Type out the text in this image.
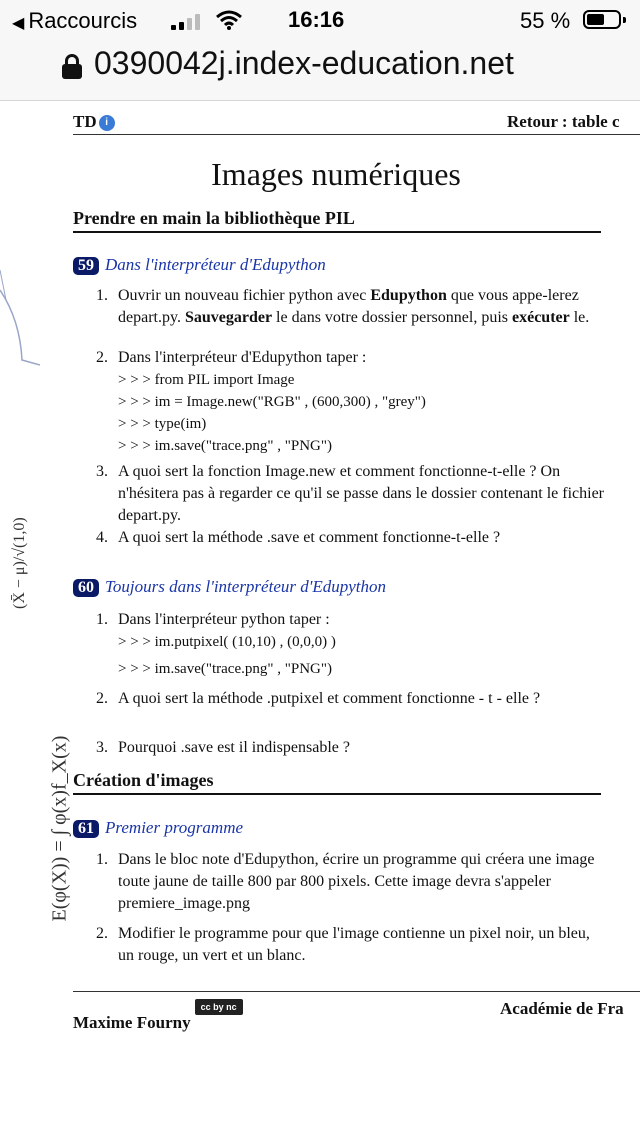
◀ Raccourcis	16:16	55 %
0390042j.index-education.net
(X̄ − μ)/√(1,0)
E(φ(X)) = ∫ φ(x)f_X(x)
TD i	Retour : table c
Images numériques
Prendre en main la bibliothèque PIL
59 Dans l'interpréteur d'Edupython
1. Ouvrir un nouveau fichier python avec Edupython que vous appe-lerez depart.py. Sauvegarder le dans votre dossier personnel, puis exécuter le.
2. Dans l'interpréteur d'Edupython taper :
> > > from PIL import Image
> > > im = Image.new("RGB" , (600,300) , "grey")
> > > type(im)
> > > im.save("trace.png" , "PNG")
3. A quoi sert la fonction Image.new et comment fonctionne-t-elle ? On n'hésitera pas à regarder ce qu'il se passe dans le dossier contenant le fichier depart.py.
4. A quoi sert la méthode .save et comment fonctionne-t-elle ?
60 Toujours dans l'interpréteur d'Edupython
1. Dans l'interpréteur python taper :
> > > im.putpixel( (10,10) , (0,0,0) )
> > > im.save("trace.png" , "PNG")
2. A quoi sert la méthode .putpixel et comment fonctionne - t - elle ?
3. Pourquoi .save est il indispensable ?
Création d'images
61 Premier programme
1. Dans le bloc note d'Edupython, écrire un programme qui créera une image toute jaune de taille 800 par 800 pixels. Cette image devra s'appeler premiere_image.png
2. Modifier le programme pour que l'image contienne un pixel noir, un bleu, un rouge, un vert et un blanc.
Maxime Fournycc by nc sa
Académie de Fra
